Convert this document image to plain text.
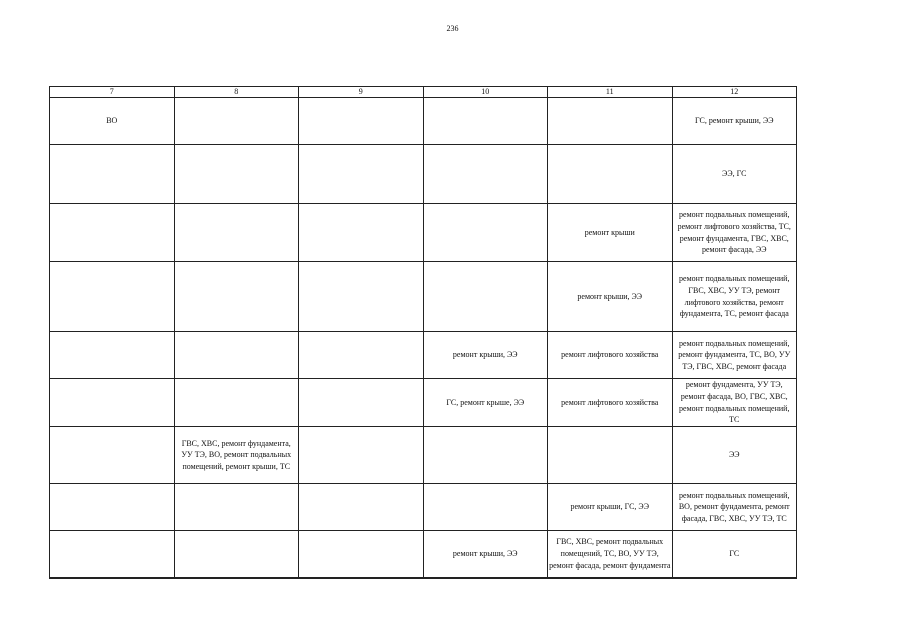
236
7	8	9	10	11	12
ВО					ГС, ремонт крыши, ЭЭ
					ЭЭ, ГС
				ремонт крыши	ремонт подвальных помещений, ремонт лифтового хозяйства, ТС, ремонт фундамента, ГВС, ХВС, ремонт фасада, ЭЭ
				ремонт крыши, ЭЭ	ремонт подвальных помещений, ГВС, ХВС, УУ ТЭ, ремонт лифтового хозяйства, ремонт фундамента, ТС, ремонт фасада
			ремонт крыши, ЭЭ	ремонт лифтового хозяйства	ремонт подвальных помещений, ремонт фундамента, ТС, ВО, УУ ТЭ, ГВС, ХВС, ремонт фасада
			ГС, ремонт крыше, ЭЭ	ремонт лифтового хозяйства	ремонт фундамента, УУ ТЭ, ремонт фасада, ВО, ГВС, ХВС, ремонт подвальных помещений, ТС
	ГВС, ХВС, ремонт фундамента, УУ ТЭ, ВО, ремонт подвальных помещений, ремонт крыши, ТС				ЭЭ
				ремонт крыши, ГС, ЭЭ	ремонт подвальных помещений, ВО, ремонт фундамента, ремонт фасада, ГВС, ХВС, УУ ТЭ, ТС
			ремонт крыши, ЭЭ	ГВС, ХВС, ремонт подвальных помещений, ТС, ВО, УУ ТЭ, ремонт фасада, ремонт фундамента	ГС
